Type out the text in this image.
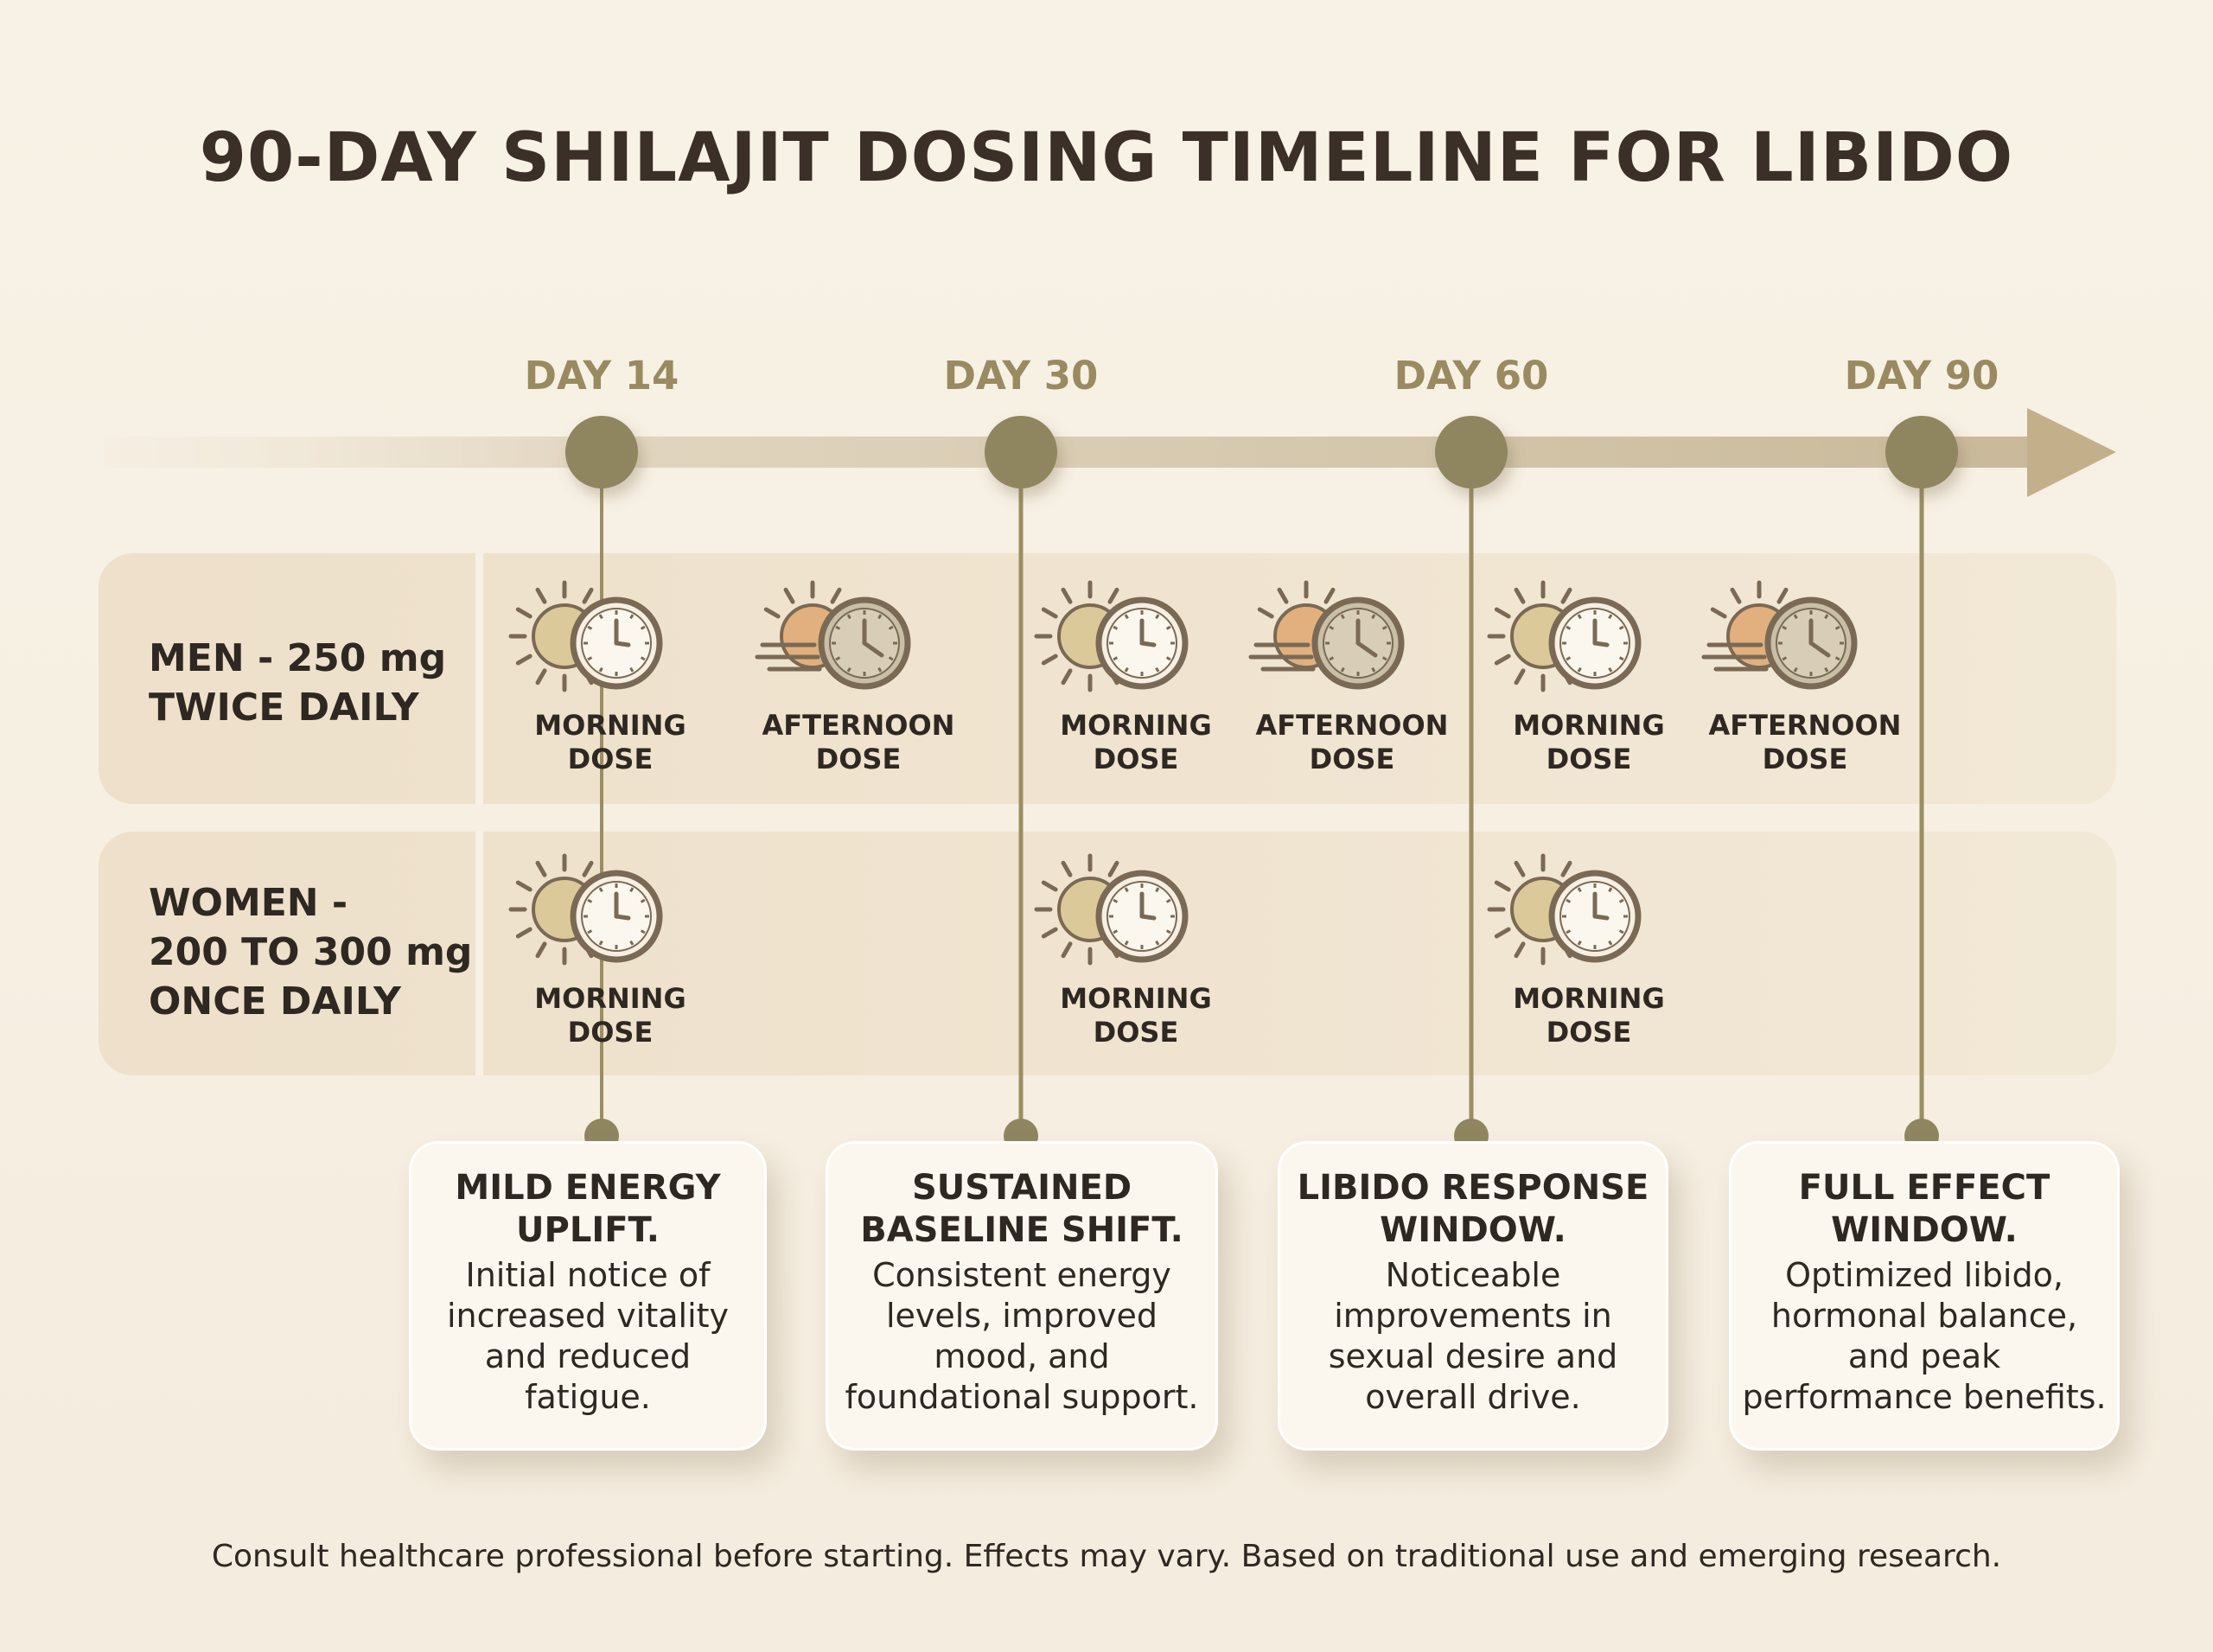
90-DAY SHILAJIT DOSING TIMELINE FOR LIBIDO
DAY 14	DAY 30	DAY 60	DAY 90
MEN - 250 mg
TWICE DAILY
WOMEN -
200 TO 300 mg
ONCE DAILY
MORNING
DOSE
AFTERNOON
DOSE
MORNING
DOSE
AFTERNOON
DOSE
MORNING
DOSE
AFTERNOON
DOSE
MORNING
DOSE
MORNING
DOSE
MORNING
DOSE
MILD ENERGY
UPLIFT.
Initial notice of increased vitality and reduced fatigue.
SUSTAINED
BASELINE SHIFT.
Consistent energy levels, improved mood, and foundational support.
LIBIDO RESPONSE
WINDOW.
Noticeable improvements in sexual desire and overall drive.
FULL EFFECT
WINDOW.
Optimized libido, hormonal balance, and peak performance benefits.
Consult healthcare professional before starting. Effects may vary. Based on traditional use and emerging research.
